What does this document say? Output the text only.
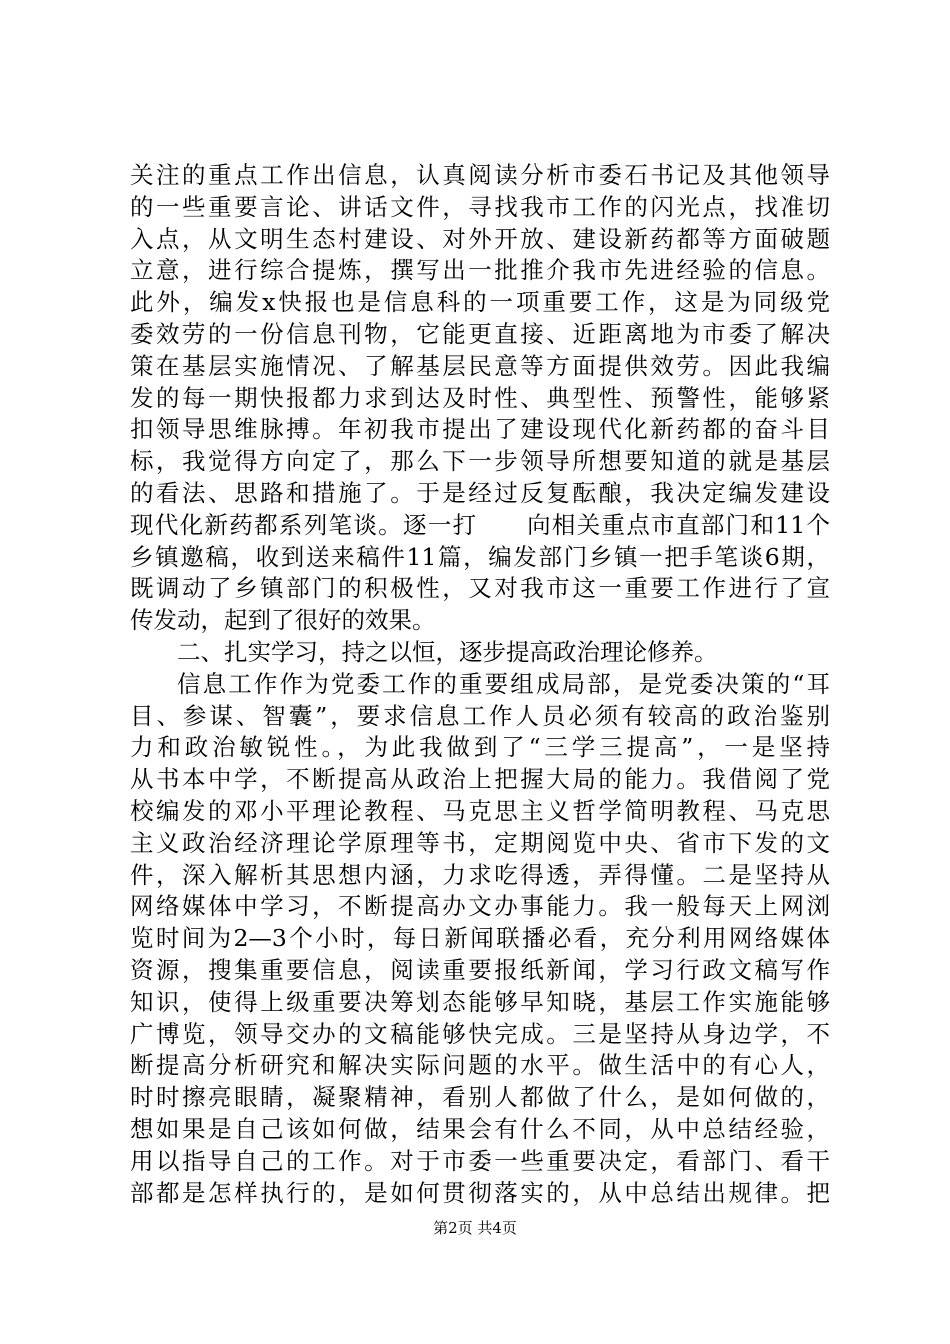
关注的重点工作出信息，认真阅读分析市委石书记及其他领导
的一些重要言论、讲话文件，寻找我市工作的闪光点，找准切
入点，从文明生态村建设、对外开放、建设新药都等方面破题
立意，进行综合提炼，撰写出一批推介我市先进经验的信息。
此外，编发x快报也是信息科的一项重要工作，这是为同级党
委效劳的一份信息刊物，它能更直接、近距离地为市委了解决
策在基层实施情况、了解基层民意等方面提供效劳。因此我编
发的每一期快报都力求到达及时性、典型性、预警性，能够紧
扣领导思维脉搏。年初我市提出了建设现代化新药都的奋斗目
标，我觉得方向定了，那么下一步领导所想要知道的就是基层
的看法、思路和措施了。于是经过反复酝酿，我决定编发建设
现代化新药都系列笔谈。逐一打　　向相关重点市直部门和11个
乡镇邀稿，收到送来稿件11篇，编发部门乡镇一把手笔谈6期，
既调动了乡镇部门的积极性，又对我市这一重要工作进行了宣
传发动，起到了很好的效果。
二、扎实学习，持之以恒，逐步提高政治理论修养。
信息工作作为党委工作的重要组成局部，是党委决策的“耳
目、参谋、智囊”，要求信息工作人员必须有较高的政治鉴别
力和政治敏锐性。，为此我做到了“三学三提高”，一是坚持
从书本中学，不断提高从政治上把握大局的能力。我借阅了党
校编发的邓小平理论教程、马克思主义哲学简明教程、马克思
主义政治经济理论学原理等书，定期阅览中央、省市下发的文
件，深入解析其思想内涵，力求吃得透，弄得懂。二是坚持从
网络媒体中学习，不断提高办文办事能力。我一般每天上网浏
览时间为2—3个小时，每日新闻联播必看，充分利用网络媒体
资源，搜集重要信息，阅读重要报纸新闻，学习行政文稿写作
知识，使得上级重要决筹划态能够早知晓，基层工作实施能够
广博览，领导交办的文稿能够快完成。三是坚持从身边学，不
断提高分析研究和解决实际问题的水平。做生活中的有心人，
时时擦亮眼睛，凝聚精神，看别人都做了什么，是如何做的，
想如果是自己该如何做，结果会有什么不同，从中总结经验，
用以指导自己的工作。对于市委一些重要决定，看部门、看干
部都是怎样执行的，是如何贯彻落实的，从中总结出规律。把
第2页 共4页
